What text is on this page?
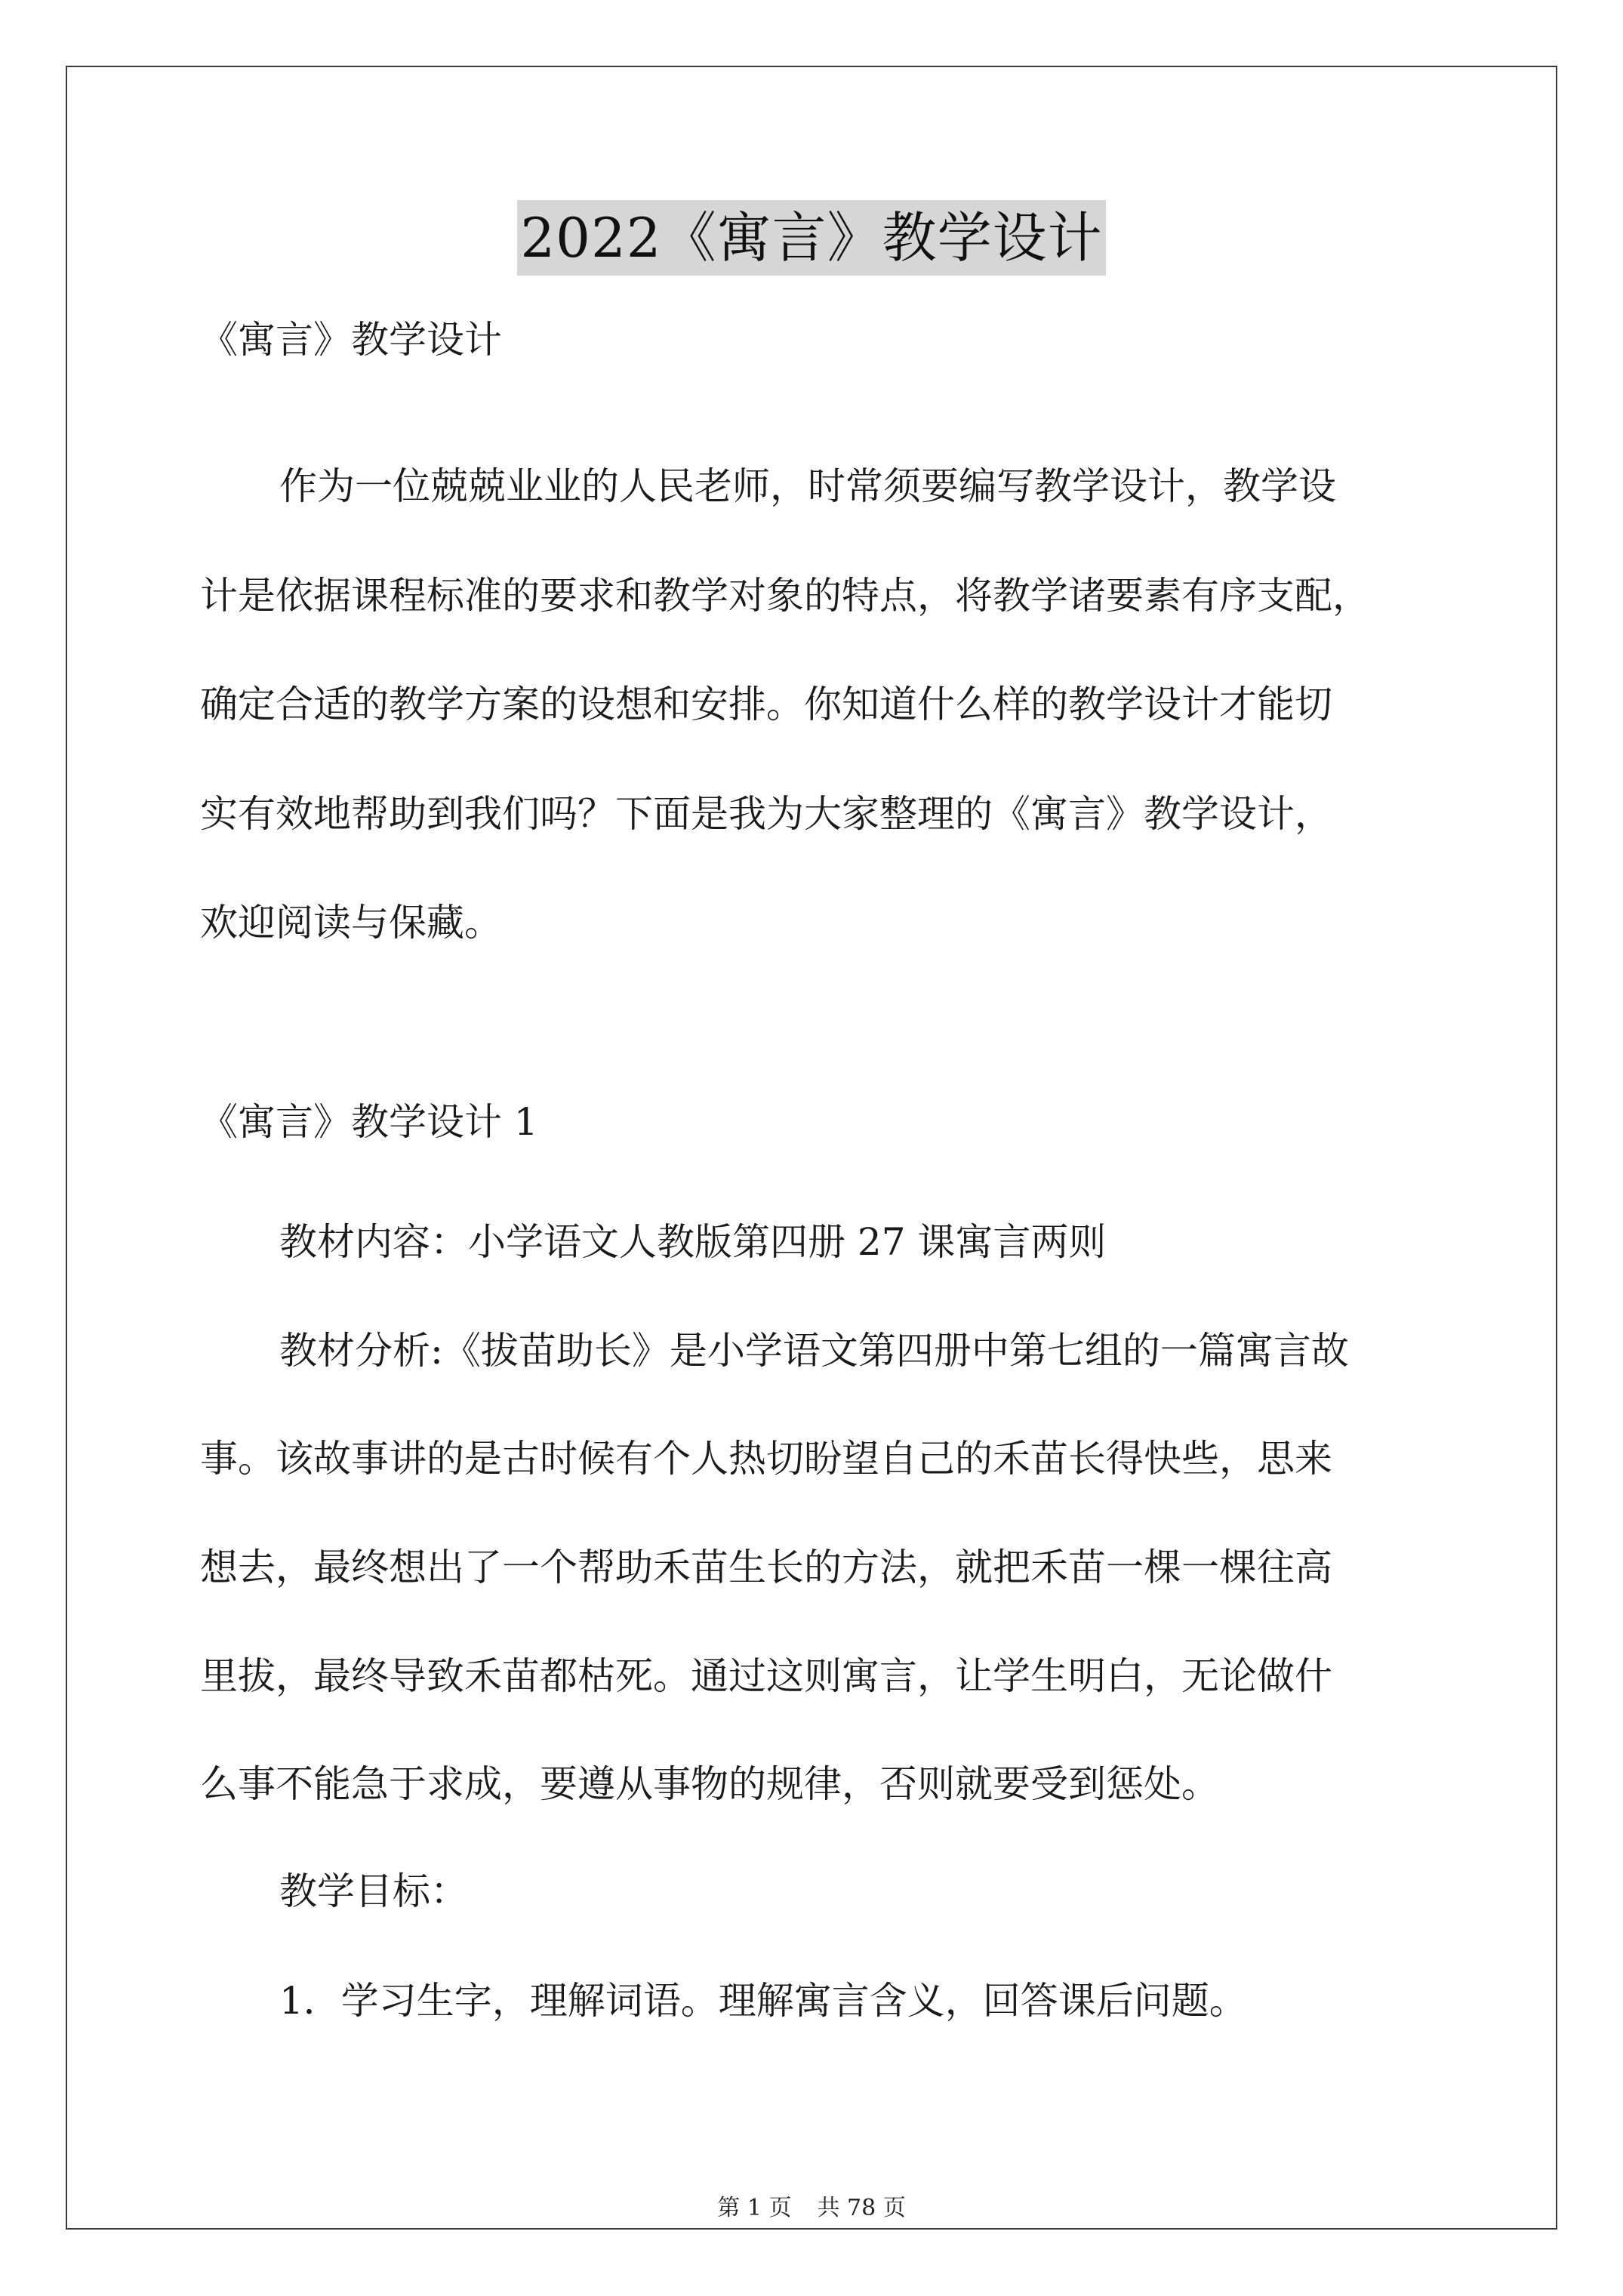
2022《寓言》教学设计
《寓言》教学设计
作为一位兢兢业业的人民老师，时常须要编写教学设计，教学设
计是依据课程标准的要求和教学对象的特点，将教学诸要素有序支配，
确定合适的教学方案的设想和安排。你知道什么样的教学设计才能切
实有效地帮助到我们吗？下面是我为大家整理的《寓言》教学设计，
欢迎阅读与保藏。
《寓言》教学设计 1
教材内容：小学语文人教版第四册 27 课寓言两则
教材分析:《拔苗助长》是小学语文第四册中第七组的一篇寓言故
事。该故事讲的是古时候有个人热切盼望自己的禾苗长得快些，思来
想去，最终想出了一个帮助禾苗生长的方法，就把禾苗一棵一棵往高
里拔，最终导致禾苗都枯死。通过这则寓言，让学生明白，无论做什
么事不能急于求成，要遵从事物的规律，否则就要受到惩处。
教学目标：
1．学习生字，理解词语。理解寓言含义，回答课后问题。
第 1 页 共 78 页
